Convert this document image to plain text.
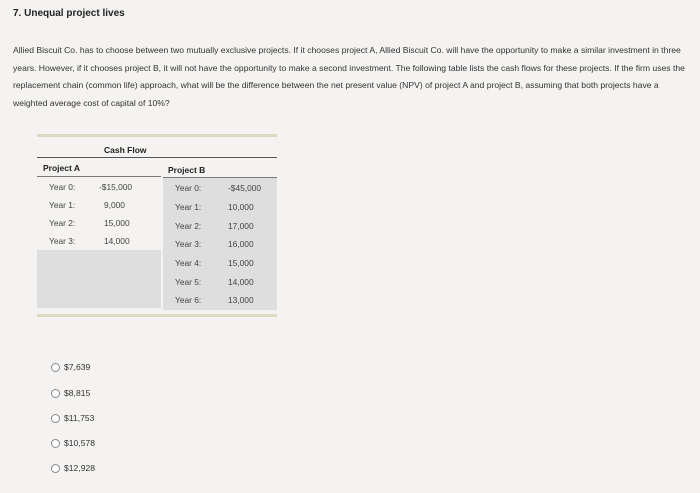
7. Unequal project lives
Allied Biscuit Co. has to choose between two mutually exclusive projects. If it chooses project A, Allied Biscuit Co. will have the opportunity to make a similar investment in three years. However, if it chooses project B, it will not have the opportunity to make a second investment. The following table lists the cash flows for these projects. If the firm uses the replacement chain (common life) approach, what will be the difference between the net present value (NPV) of project A and project B, assuming that both projects have a weighted average cost of capital of 10%?
Cash Flow
Project A	Project B
Year 0:	-$15,000
Year 1:	9,000
Year 2:	15,000
Year 3:	14,000
Year 0:	-$45,000
Year 1:	10,000
Year 2:	17,000
Year 3:	16,000
Year 4:	15,000
Year 5:	14,000
Year 6:	13,000
$7,639
$8,815
$11,753
$10,578
$12,928
